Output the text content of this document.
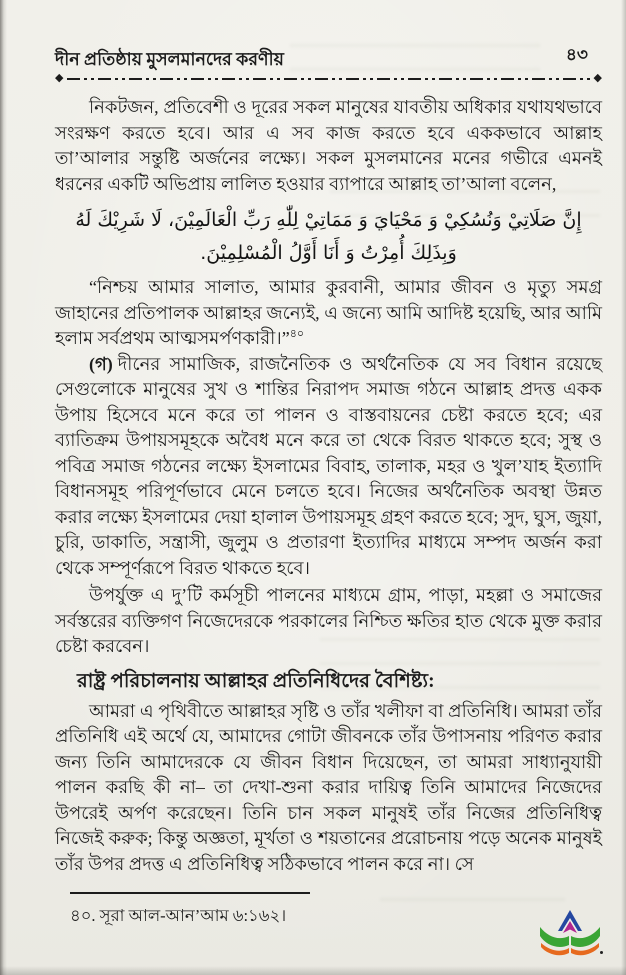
দীন প্রতিষ্ঠায় মুসলমানদের করণীয়	৪৩
◆	◆

নিকটজন, প্রতিবেশী ও দূরের সকল মানুষের যাবতীয় অধিকার যথাযথভাবে সংরক্ষণ করতে হবে। আর এ সব কাজ করতে হবে এককভাবে আল্লাহ তা’আলার সন্তুষ্টি অর্জনের লক্ষ্যে। সকল মুসলমানের মনের গভীরে এমনই ধরনের একটি অভিপ্রায় লালিত হওয়ার ব্যাপারে আল্লাহ তা’আলা বলেন,

إِنَّ صَلَاتِيْ وَنُسُكِيْ وَ مَحْيَايَ وَ مَمَاتِيْ لِلّٰهِ رَبِّ الْعَالَمِيْنَ، لَا شَرِيْكَ لَهُ وَبِذَلِكَ أُمِرْتُ وَ أَنَا أَوَّلُ الْمُسْلِمِيْنَ.

“নিশ্চয় আমার সালাত, আমার কুরবানী, আমার জীবন ও মৃত্যু সমগ্র জাহানের প্রতিপালক আল্লাহর জন্যেই, এ জন্যে আমি আদিষ্ট হয়েছি, আর আমি হলাম সর্বপ্রথম আত্মসমর্পণকারী।”$^{৪০}$

(গ) দীনের সামাজিক, রাজনৈতিক ও অর্থনৈতিক যে সব বিধান রয়েছে সেগুলোকে মানুষের সুখ ও শান্তির নিরাপদ সমাজ গঠনে আল্লাহ প্রদত্ত একক উপায় হিসেবে মনে করে তা পালন ও বাস্তবায়নের চেষ্টা করতে হবে; এর ব্যাতিক্রম উপায়সমূহকে অবৈধ মনে করে তা থেকে বিরত থাকতে হবে; সুস্থ ও পবিত্র সমাজ গঠনের লক্ষ্যে ইসলামের বিবাহ, তালাক, মহর ও খুল’যাহ ইত্যাদি বিধানসমূহ পরিপূর্ণভাবে মেনে চলতে হবে। নিজের অর্থনৈতিক অবস্থা উন্নত করার লক্ষ্যে ইসলামের দেয়া হালাল উপায়সমূহ গ্রহণ করতে হবে; সুদ, ঘুস, জুয়া, চুরি, ডাকাতি, সন্ত্রাসী, জুলুম ও প্রতারণা ইত্যাদির মাধ্যমে সম্পদ অর্জন করা থেকে সম্পূর্ণরূপে বিরত থাকতে হবে।

উপর্যুক্ত এ দু’টি কর্মসূচী পালনের মাধ্যমে গ্রাম, পাড়া, মহল্লা ও সমাজের সর্বস্তরের ব্যক্তিগণ নিজেদেরকে পরকালের নিশ্চিত ক্ষতির হাত থেকে মুক্ত করার চেষ্টা করবেন।

রাষ্ট্র পরিচালনায় আল্লাহর প্রতিনিধিদের বৈশিষ্ট্য:

আমরা এ পৃথিবীতে আল্লাহর সৃষ্টি ও তাঁর খলীফা বা প্রতিনিধি। আমরা তাঁর প্রতিনিধি এই অর্থে যে, আমাদের গোটা জীবনকে তাঁর উপাসনায় পরিণত করার জন্য তিনি আমাদেরকে যে জীবন বিধান দিয়েছেন, তা আমরা সাধ্যানুযায়ী পালন করছি কী না– তা দেখা-শুনা করার দায়িত্ব তিনি আমাদের নিজেদের উপরেই অর্পণ করেছেন। তিনি চান সকল মানুষই তাঁর নিজের প্রতিনিধিত্ব নিজেই করুক; কিন্তু অজ্ঞতা, মূর্খতা ও শয়তানের প্ররোচনায় পড়ে অনেক মানুষই তাঁর উপর প্রদত্ত এ প্রতিনিধিত্ব সঠিকভাবে পালন করে না। সে

৪০. সূরা আল-আন’আম ৬:১৬২।
